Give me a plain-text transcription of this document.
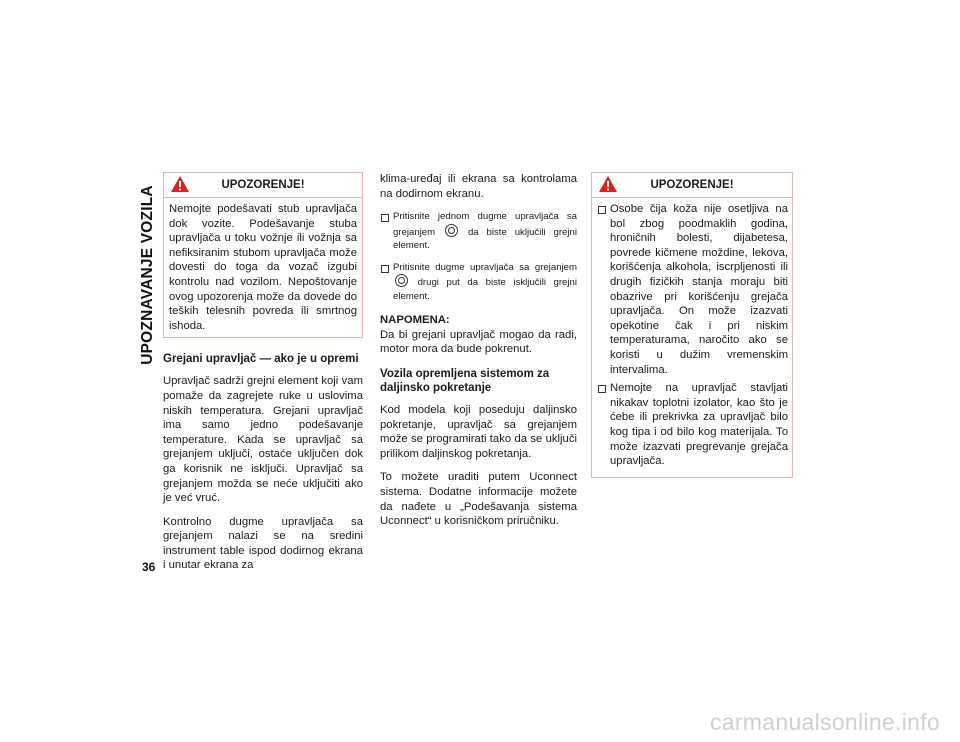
UPOZNAVANJE VOZILA
36
UPOZORENJE!

Nemojte podešavati stub upravljača dok vozite. Podešavanje stuba upravljača u toku vožnje ili vožnja sa nefiksiranim stubom upravljača može dovesti do toga da vozač izgubi kontrolu nad vozilom. Nepoštovanje ovog upozorenja može da dovede do teških telesnih povreda ili smrtnog ishoda.

Grejani upravljač — ako je u opremi

Upravljač sadrži grejni element koji vam pomaže da zagrejete ruke u uslovima niskih temperatura. Grejani upravljač ima samo jedno podešavanje temperature. Kada se upravljač sa grejanjem uključi, ostaće uključen dok ga korisnik ne isključi. Upravljač sa grejanjem možda se neće uključiti ako je već vruć.

Kontrolno dugme upravljača sa grejanjem nalazi se na sredini instrument table ispod dodirnog ekrana i unutar ekrana za

klima-uređaj ili ekrana sa kontrolama na dodirnom ekranu.

Pritisnite jednom dugme upravljača sa grejanjem	da biste uključili grejni element.
Pritisnite dugme upravljača sa grejanjem  drugi put da biste isključili grejni element.

NAPOMENA:
Da bi grejani upravljač mogao da radi, motor mora da bude pokrenut.

Vozila opremljena sistemom za daljinsko pokretanje

Kod modela koji poseduju daljinsko pokretanje, upravljač sa grejanjem može se programirati tako da se uključi prilikom daljinskog pokretanja.

To možete uraditi putem Uconnect sistema. Dodatne informacije možete da nađete u „Podešavanja sistema Uconnect“ u korisničkom priručniku.

UPOZORENJE!
Osobe čija koža nije osetljiva na bol zbog poodmaklih godina, hroničnih bolesti, dijabetesa, povrede kičmene moždine, lekova, korišćenja alkohola, iscrpljenosti ili drugih fizičkih stanja moraju biti obazrive pri korišćenju grejača upravljača. On može izazvati opekotine čak i pri niskim temperaturama, naročito ako se koristi u dužim vremenskim intervalima.
Nemojte na upravljač stavljati nikakav toplotni izolator, kao što je ćebe ili prekrivka za upravljač bilo kog tipa i od bilo kog materijala. To može izazvati pregrevanje grejača upravljača.
carmanualsonline.info
